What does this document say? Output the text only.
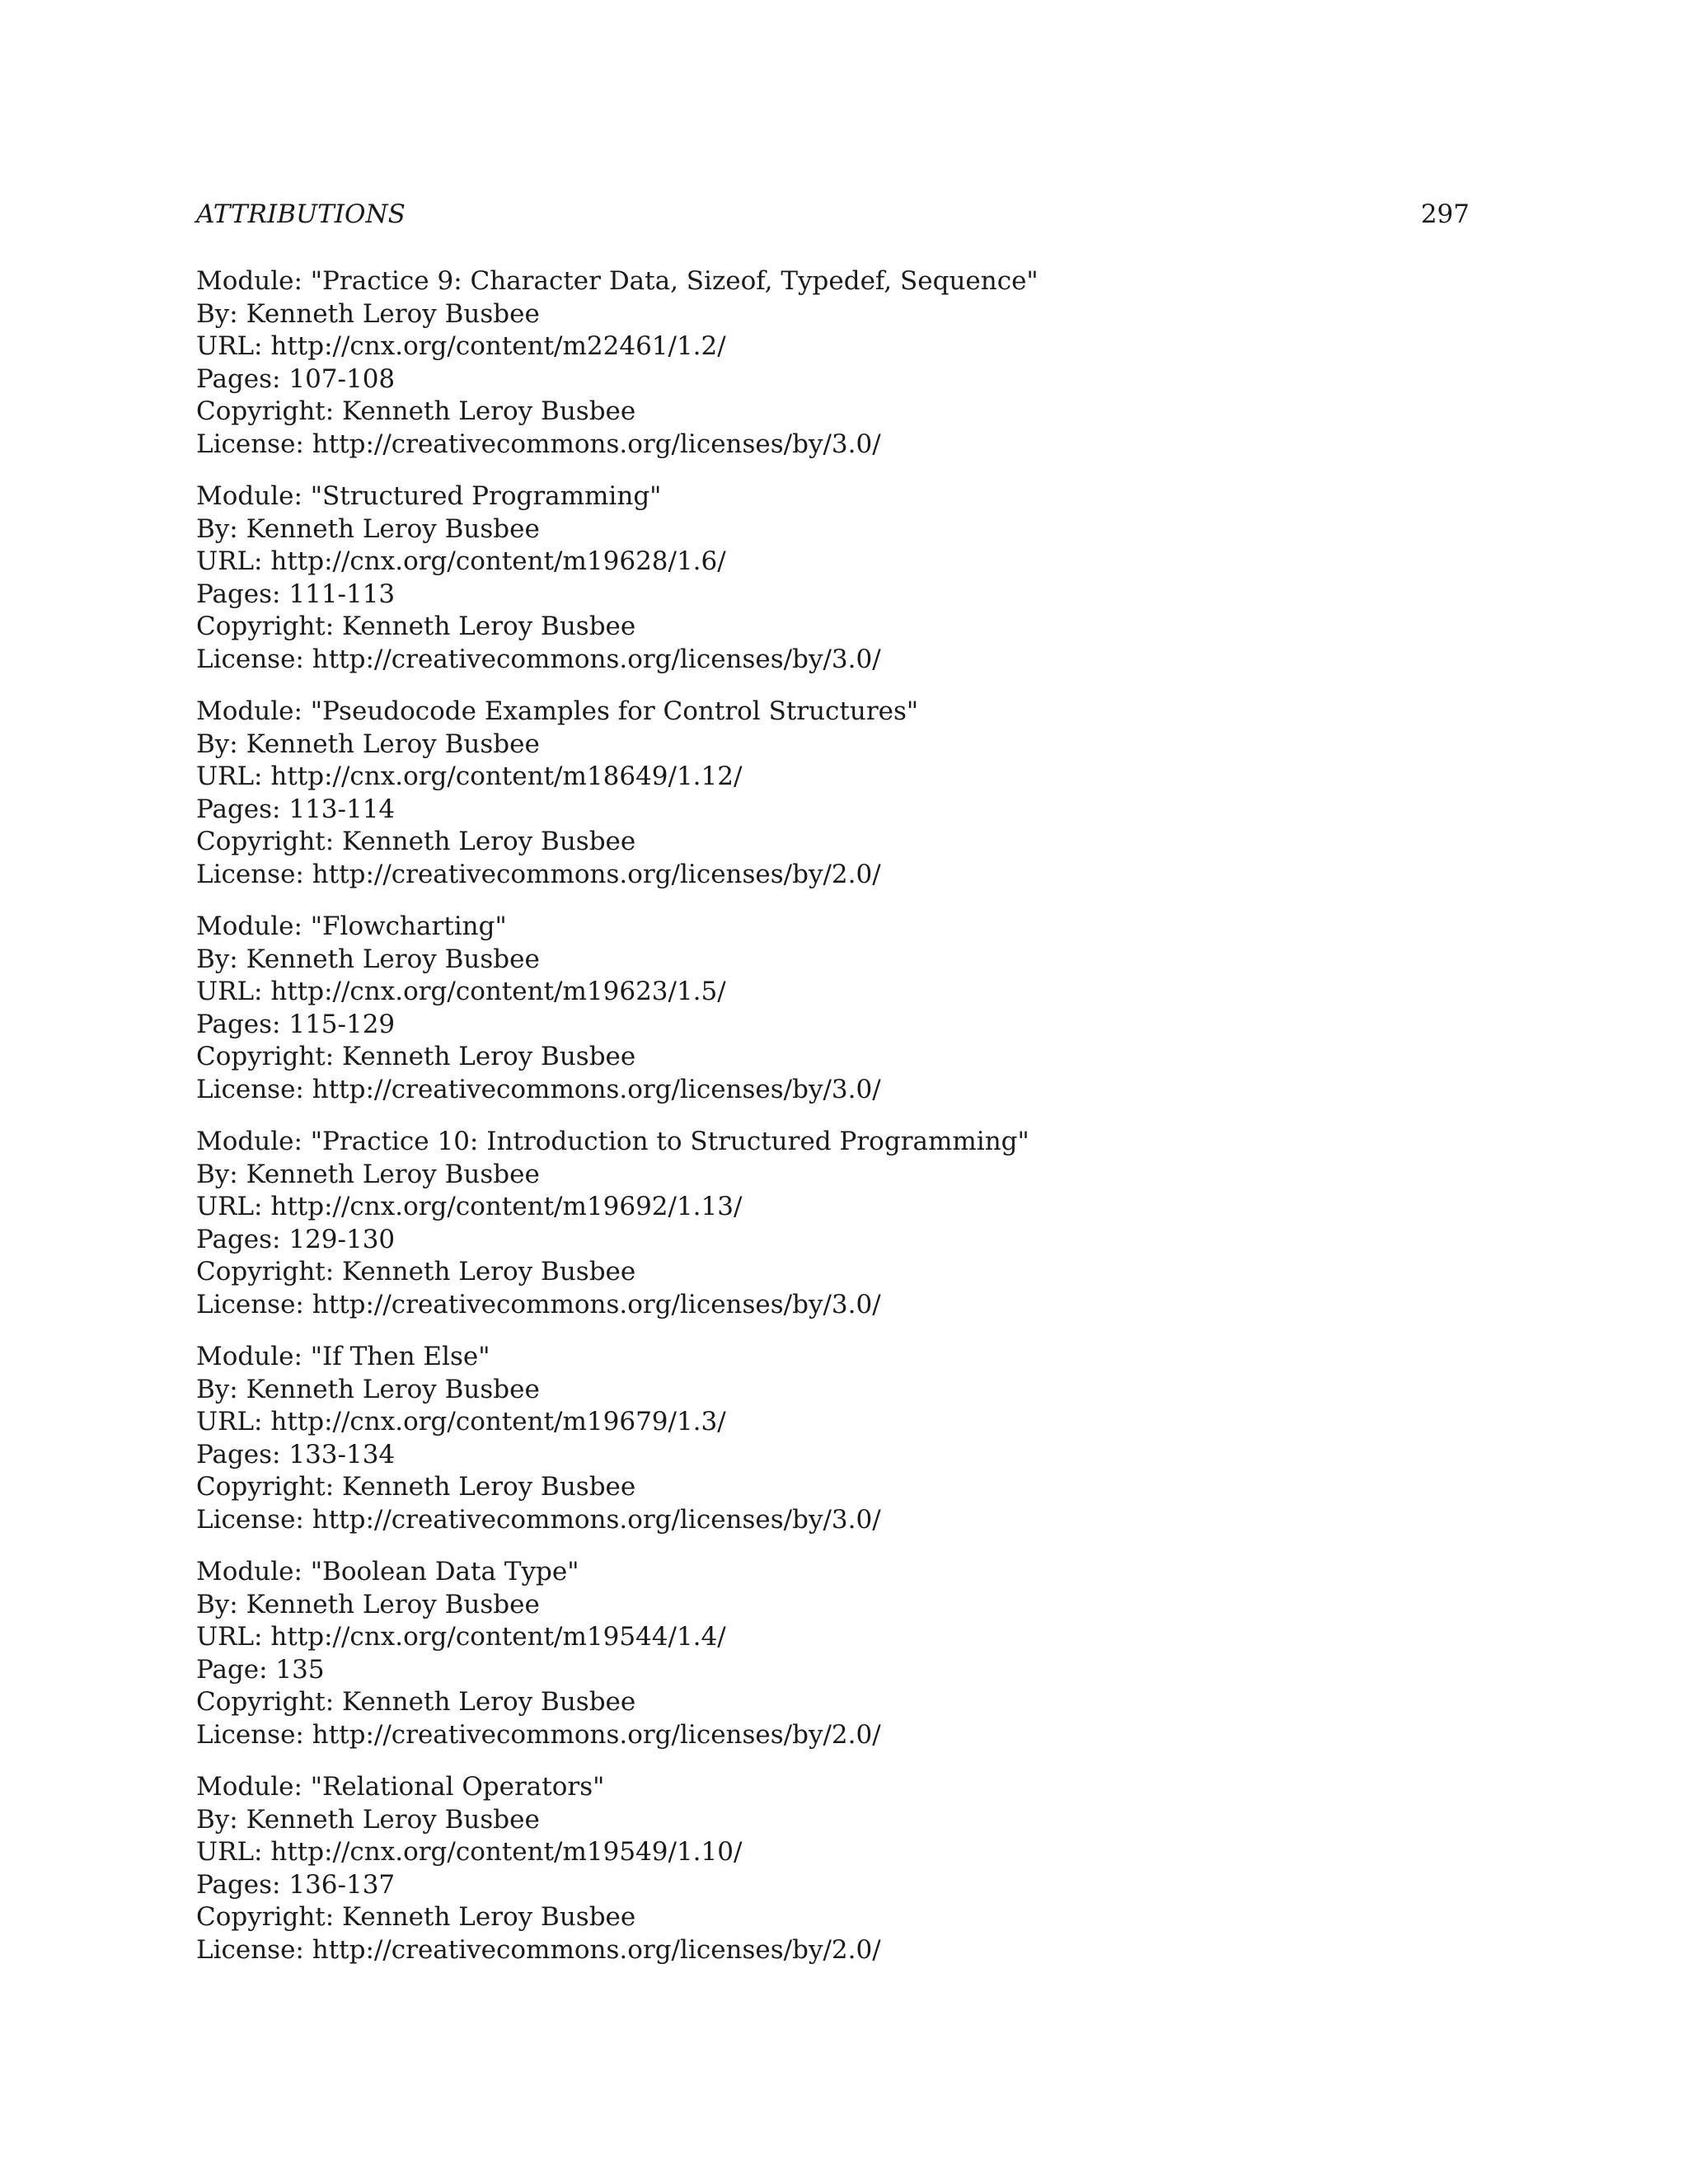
ATTRIBUTIONS	297
Module: "Practice 9: Character Data, Sizeof, Typedef, Sequence"
By: Kenneth Leroy Busbee
URL: http://cnx.org/content/m22461/1.2/
Pages: 107-108
Copyright: Kenneth Leroy Busbee
License: http://creativecommons.org/licenses/by/3.0/
Module: "Structured Programming"
By: Kenneth Leroy Busbee
URL: http://cnx.org/content/m19628/1.6/
Pages: 111-113
Copyright: Kenneth Leroy Busbee
License: http://creativecommons.org/licenses/by/3.0/
Module: "Pseudocode Examples for Control Structures"
By: Kenneth Leroy Busbee
URL: http://cnx.org/content/m18649/1.12/
Pages: 113-114
Copyright: Kenneth Leroy Busbee
License: http://creativecommons.org/licenses/by/2.0/
Module: "Flowcharting"
By: Kenneth Leroy Busbee
URL: http://cnx.org/content/m19623/1.5/
Pages: 115-129
Copyright: Kenneth Leroy Busbee
License: http://creativecommons.org/licenses/by/3.0/
Module: "Practice 10: Introduction to Structured Programming"
By: Kenneth Leroy Busbee
URL: http://cnx.org/content/m19692/1.13/
Pages: 129-130
Copyright: Kenneth Leroy Busbee
License: http://creativecommons.org/licenses/by/3.0/
Module: "If Then Else"
By: Kenneth Leroy Busbee
URL: http://cnx.org/content/m19679/1.3/
Pages: 133-134
Copyright: Kenneth Leroy Busbee
License: http://creativecommons.org/licenses/by/3.0/
Module: "Boolean Data Type"
By: Kenneth Leroy Busbee
URL: http://cnx.org/content/m19544/1.4/
Page: 135
Copyright: Kenneth Leroy Busbee
License: http://creativecommons.org/licenses/by/2.0/
Module: "Relational Operators"
By: Kenneth Leroy Busbee
URL: http://cnx.org/content/m19549/1.10/
Pages: 136-137
Copyright: Kenneth Leroy Busbee
License: http://creativecommons.org/licenses/by/2.0/
